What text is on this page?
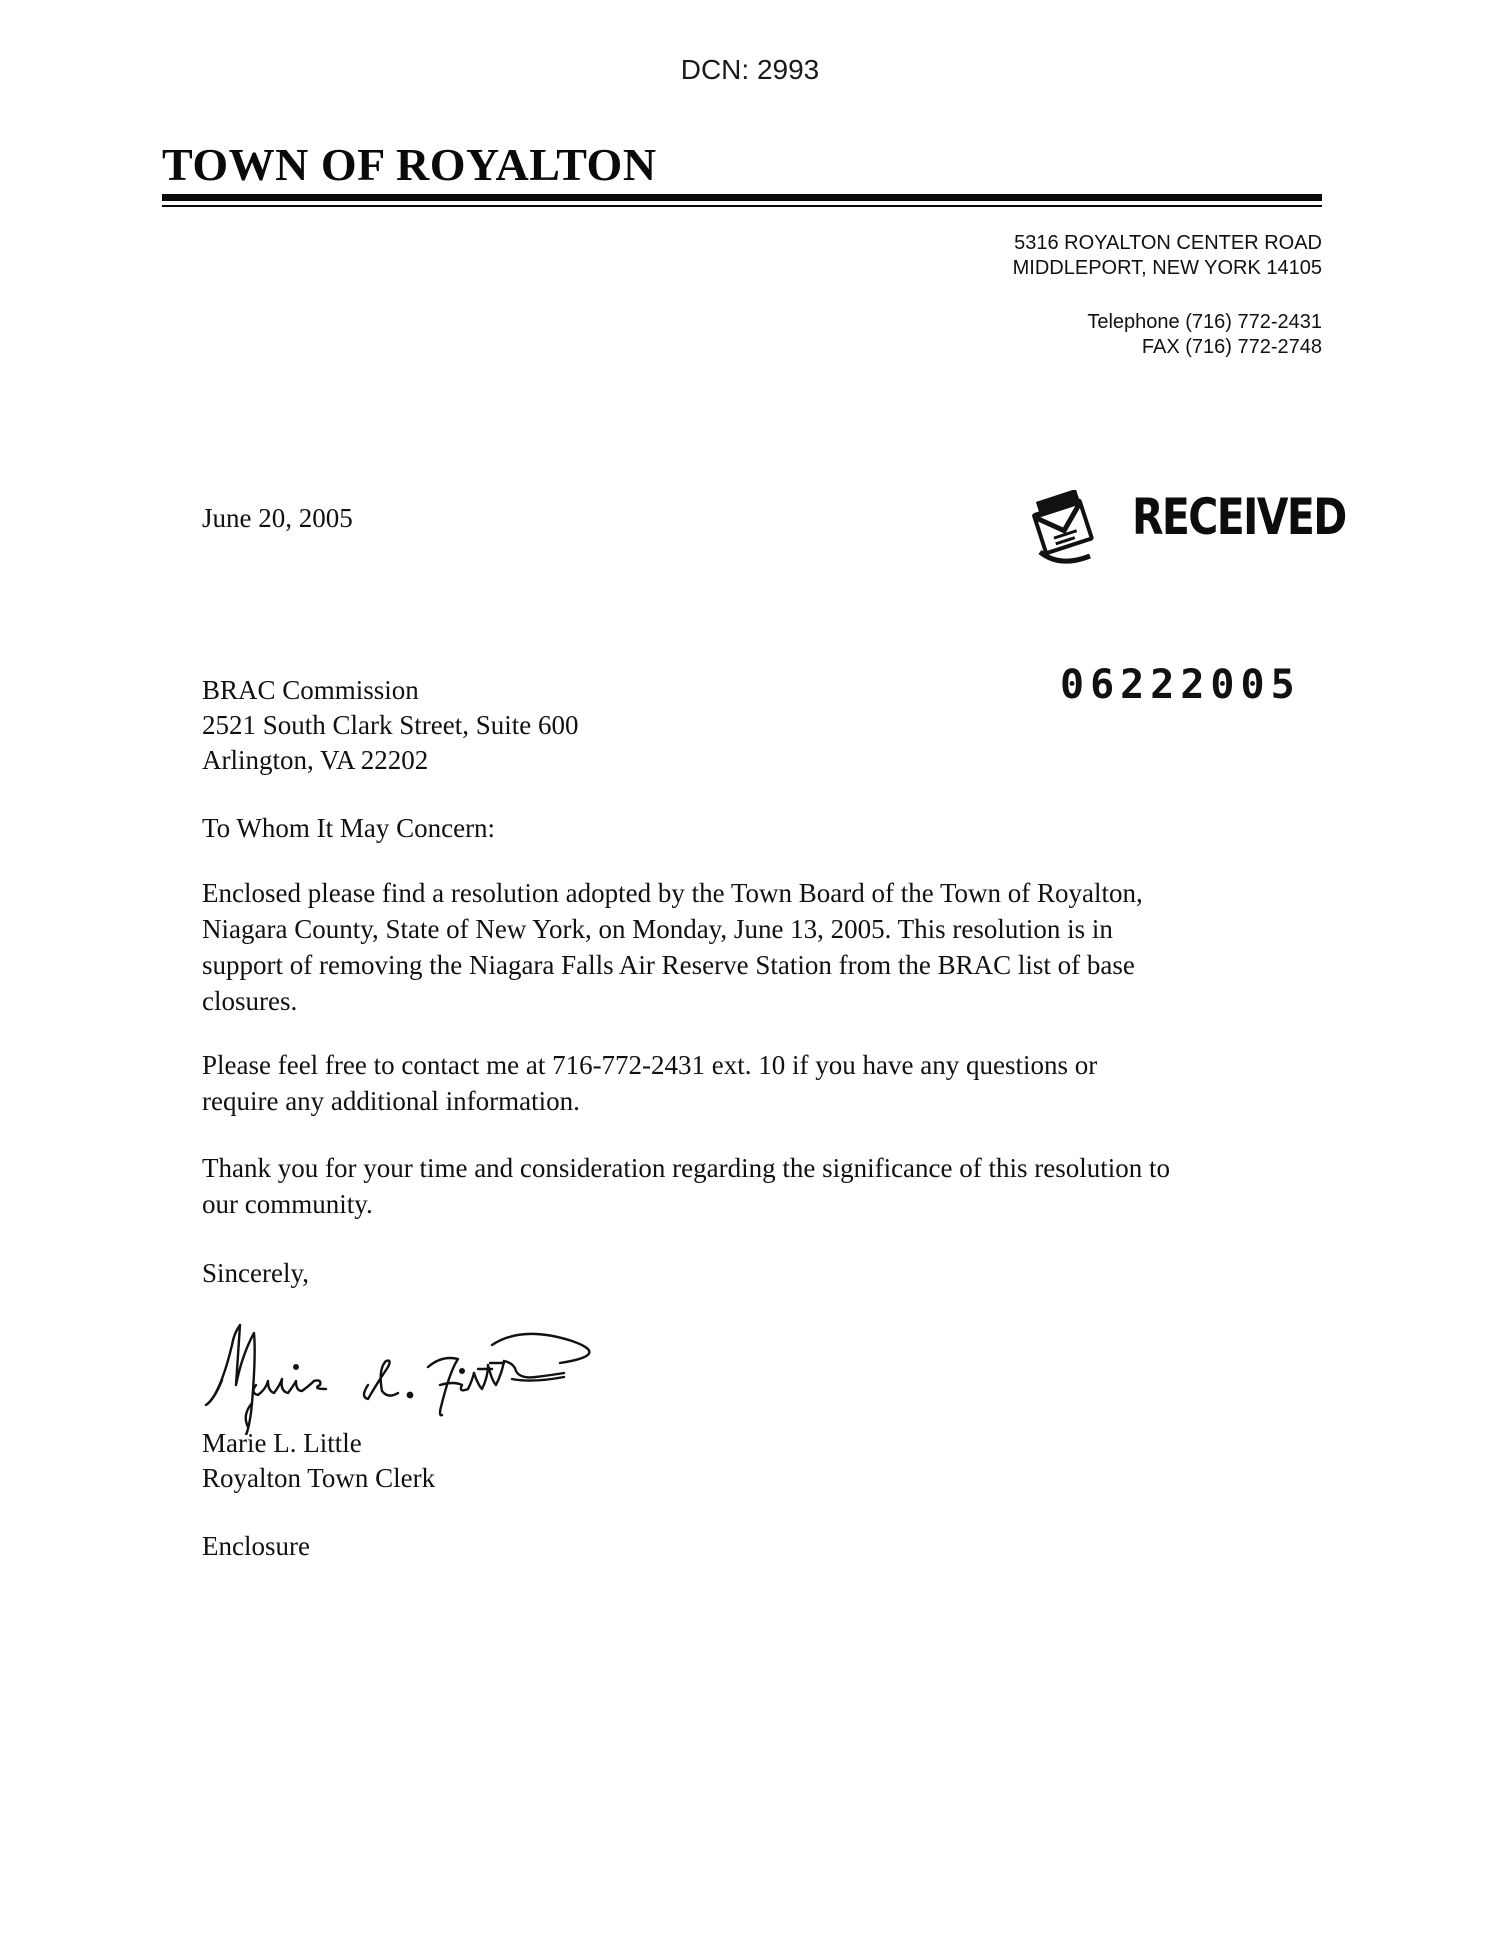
DCN: 2993
TOWN OF ROYALTON
5316 ROYALTON CENTER ROAD
MIDDLEPORT, NEW YORK 14105
Telephone (716) 772-2431
FAX (716) 772-2748
June 20, 2005	RECEIVED
06222005
BRAC Commission
2521 South Clark Street, Suite 600
Arlington, VA 22202
To Whom It May Concern:
Enclosed please find a resolution adopted by the Town Board of the Town of Royalton,
Niagara County, State of New York, on Monday, June 13, 2005. This resolution is in
support of removing the Niagara Falls Air Reserve Station from the BRAC list of base
closures.
Please feel free to contact me at 716-772-2431 ext. 10 if you have any questions or
require any additional information.
Thank you for your time and consideration regarding the significance of this resolution to
our community.
Sincerely,
Marie L. Little
Royalton Town Clerk
Enclosure
